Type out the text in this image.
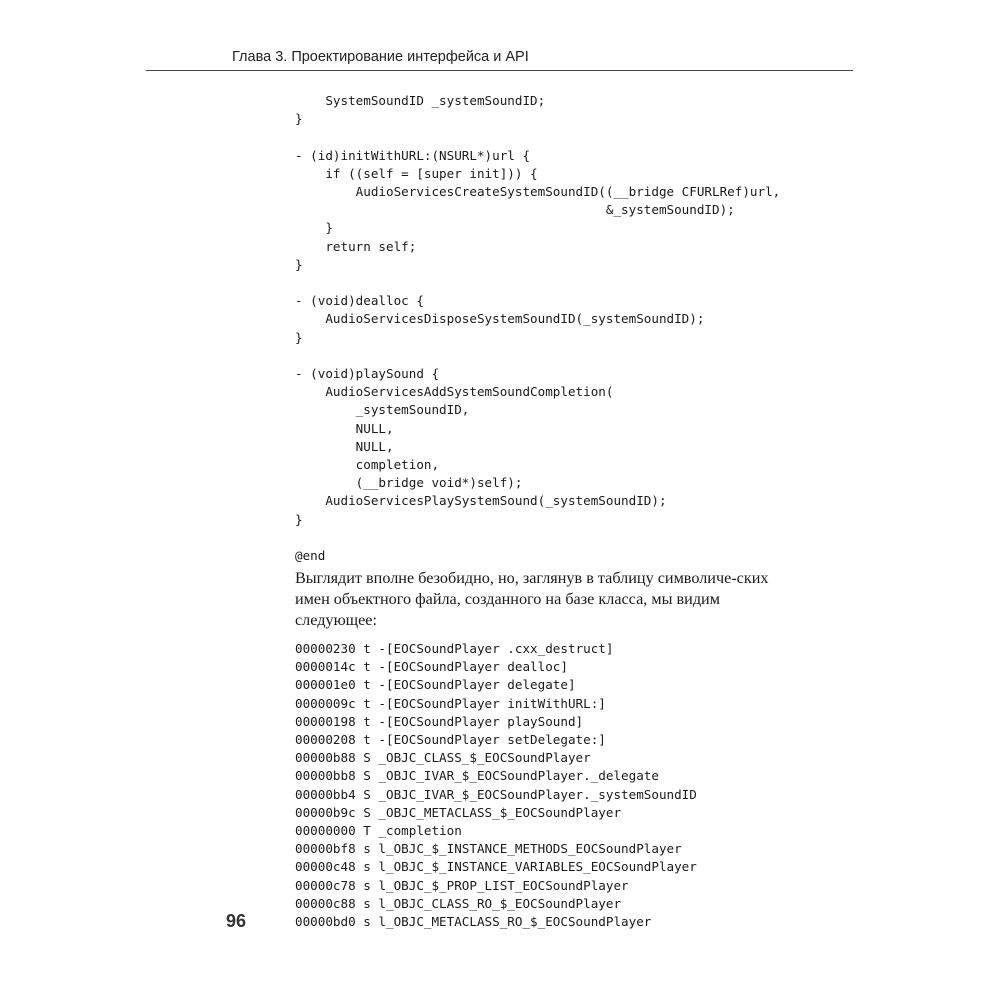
Глава 3. Проектирование интерфейса и API
SystemSoundID _systemSoundID;
}

- (id)initWithURL:(NSURL*)url {
if ((self = [super init])) {
AudioServicesCreateSystemSoundID((__bridge CFURLRef)url,
&_systemSoundID);
}
return self;
}

- (void)dealloc {
AudioServicesDisposeSystemSoundID(_systemSoundID);
}

- (void)playSound {
AudioServicesAddSystemSoundCompletion(
_systemSoundID,
NULL,
NULL,
completion,
(__bridge void*)self);
AudioServicesPlaySystemSound(_systemSoundID);
}

@end

Выглядит вполне безобидно, но, заглянув в таблицу символиче-ских имен объектного файла, созданного на базе класса, мы видим следующее:

00000230 t -[EOCSoundPlayer .cxx_destruct]
0000014c t -[EOCSoundPlayer dealloc]
000001e0 t -[EOCSoundPlayer delegate]
0000009c t -[EOCSoundPlayer initWithURL:]
00000198 t -[EOCSoundPlayer playSound]
00000208 t -[EOCSoundPlayer setDelegate:]
00000b88 S _OBJC_CLASS_$_EOCSoundPlayer
00000bb8 S _OBJC_IVAR_$_EOCSoundPlayer._delegate
00000bb4 S _OBJC_IVAR_$_EOCSoundPlayer._systemSoundID
00000b9c S _OBJC_METACLASS_$_EOCSoundPlayer
00000000 T _completion
00000bf8 s l_OBJC_$_INSTANCE_METHODS_EOCSoundPlayer
00000c48 s l_OBJC_$_INSTANCE_VARIABLES_EOCSoundPlayer
00000c78 s l_OBJC_$_PROP_LIST_EOCSoundPlayer
00000c88 s l_OBJC_CLASS_RO_$_EOCSoundPlayer
00000bd0 s l_OBJC_METACLASS_RO_$_EOCSoundPlayer
96
